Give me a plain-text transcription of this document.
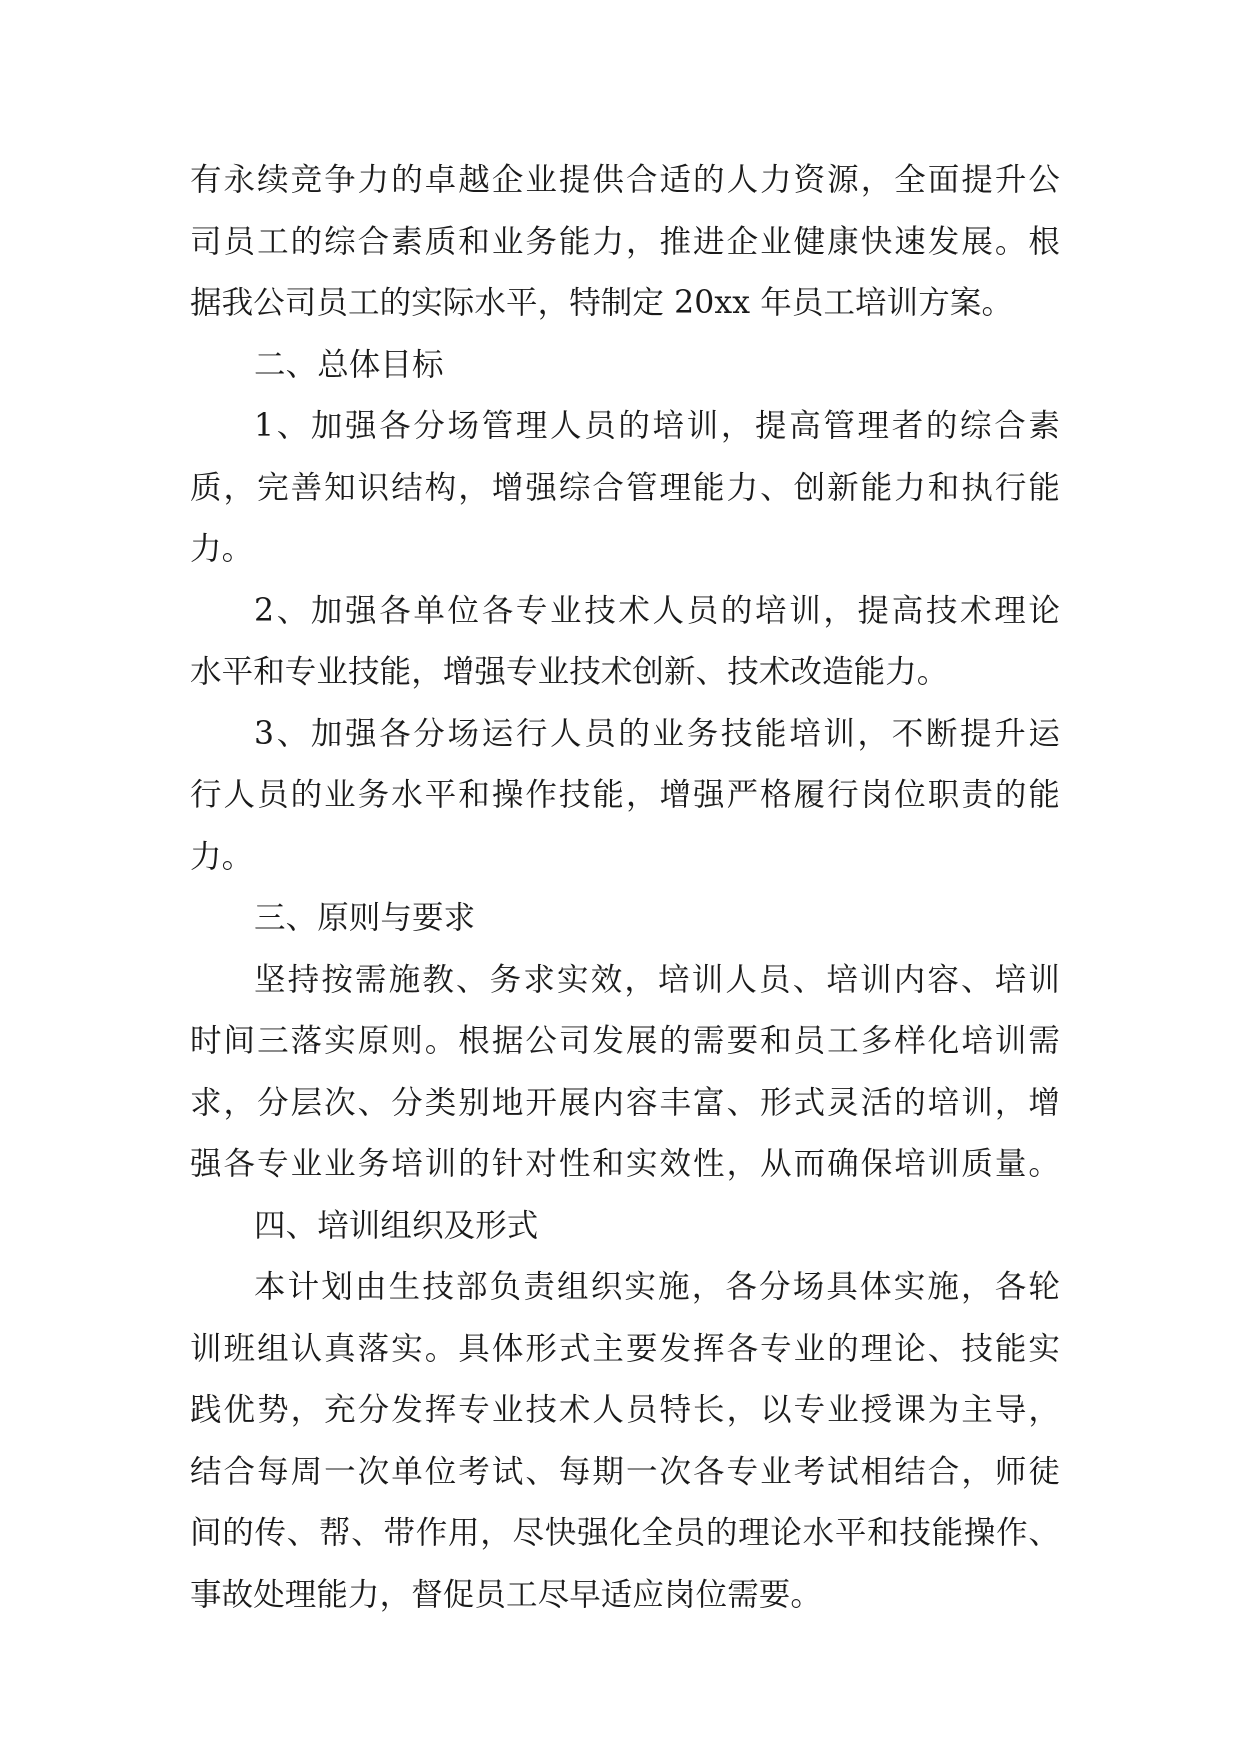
有永续竞争力的卓越企业提供合适的人力资源，全面提升公
司员工的综合素质和业务能力，推进企业健康快速发展。根
据我公司员工的实际水平，特制定 20xx 年员工培训方案。
二、总体目标
1、加强各分场管理人员的培训，提高管理者的综合素
质，完善知识结构，增强综合管理能力、创新能力和执行能
力。
2、加强各单位各专业技术人员的培训，提高技术理论
水平和专业技能，增强专业技术创新、技术改造能力。
3、加强各分场运行人员的业务技能培训，不断提升运
行人员的业务水平和操作技能，增强严格履行岗位职责的能
力。
三、原则与要求
坚持按需施教、务求实效，培训人员、培训内容、培训
时间三落实原则。根据公司发展的需要和员工多样化培训需
求，分层次、分类别地开展内容丰富、形式灵活的培训，增
强各专业业务培训的针对性和实效性，从而确保培训质量。
四、培训组织及形式
本计划由生技部负责组织实施，各分场具体实施，各轮
训班组认真落实。具体形式主要发挥各专业的理论、技能实
践优势，充分发挥专业技术人员特长，以专业授课为主导，
结合每周一次单位考试、每期一次各专业考试相结合，师徒
间的传、帮、带作用，尽快强化全员的理论水平和技能操作、
事故处理能力，督促员工尽早适应岗位需要。
